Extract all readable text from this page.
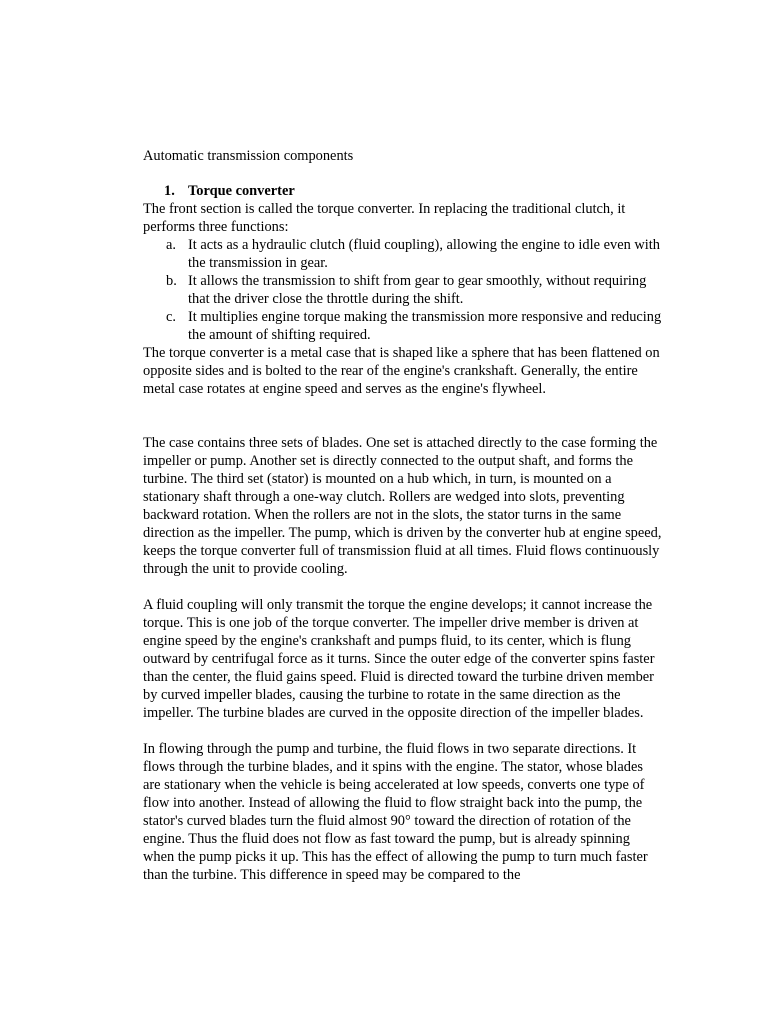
Automatic transmission components

1. Torque converter

The front section is called the torque converter. In replacing the traditional clutch, it performs three functions:

a. It acts as a hydraulic clutch (fluid coupling), allowing the engine to idle even with the transmission in gear.
b. It allows the transmission to shift from gear to gear smoothly, without requiring that the driver close the throttle during the shift.
c. It multiplies engine torque making the transmission more responsive and reducing the amount of shifting required.

The torque converter is a metal case that is shaped like a sphere that has been flattened on opposite sides and is bolted to the rear of the engine's crankshaft. Generally, the entire metal case rotates at engine speed and serves as the engine's flywheel.

The case contains three sets of blades. One set is attached directly to the case forming the impeller or pump. Another set is directly connected to the output shaft, and forms the turbine. The third set (stator) is mounted on a hub which, in turn, is mounted on a stationary shaft through a one-way clutch. Rollers are wedged into slots, preventing backward rotation. When the rollers are not in the slots, the stator turns in the same direction as the impeller. The pump, which is driven by the converter hub at engine speed, keeps the torque converter full of transmission fluid at all times. Fluid flows continuously through the unit to provide cooling.

A fluid coupling will only transmit the torque the engine develops; it cannot increase the torque. This is one job of the torque converter. The impeller drive member is driven at engine speed by the engine's crankshaft and pumps fluid, to its center, which is flung outward by centrifugal force as it turns. Since the outer edge of the converter spins faster than the center, the fluid gains speed. Fluid is directed toward the turbine driven member by curved impeller blades, causing the turbine to rotate in the same direction as the impeller. The turbine blades are curved in the opposite direction of the impeller blades.

In flowing through the pump and turbine, the fluid flows in two separate directions. It flows through the turbine blades, and it spins with the engine. The stator, whose blades are stationary when the vehicle is being accelerated at low speeds, converts one type of flow into another. Instead of allowing the fluid to flow straight back into the pump, the stator's curved blades turn the fluid almost 90° toward the direction of rotation of the engine. Thus the fluid does not flow as fast toward the pump, but is already spinning when the pump picks it up. This has the effect of allowing the pump to turn much faster than the turbine. This difference in speed may be compared to the
